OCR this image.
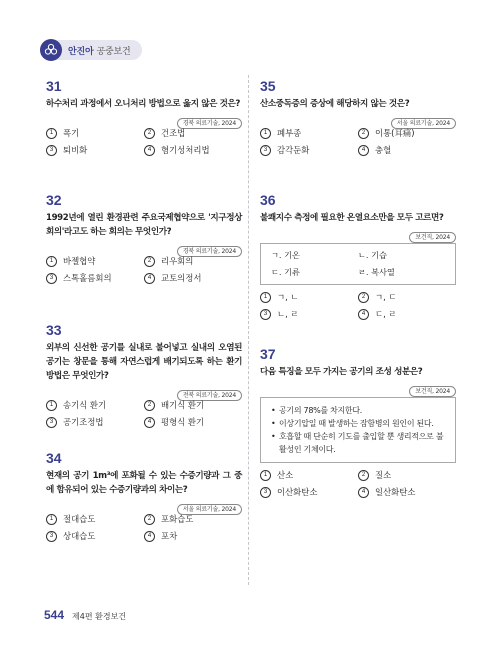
안진아 공중보건
31
하수처리 과정에서 오니처리 방법으로 옳지 않은 것은?
경북 의료기술, 2024
1	폭기	2	건조법
3	퇴비화	4	혐기성처리법
32
1992년에 열린 환경관련 주요국제협약으로 '지구정상회의'라고도 하는 회의는 무엇인가?
경북 의료기술, 2024
1	바젤협약	2	리우회의
3	스톡홀름회의	4	교토의정서
33
외부의 신선한 공기를 실내로 불어넣고 실내의 오염된 공기는 창문을 통해 자연스럽게 배기되도록 하는 환기방법은 무엇인가?
전북 의료기술, 2024
1	송기식 환기	2	배기식 환기
3	공기조정법	4	평형식 환기
34
현재의 공기 1m³에 포화될 수 있는 수증기량과 그 중에 함유되어 있는 수증기량과의 차이는?
서울 의료기술, 2024
1	절대습도	2	포화습도
3	상대습도	4	포차
35
산소중독증의 증상에 해당하지 않는 것은?
서울 의료기술, 2024
1	폐부종	2	이통(耳痛)
3	감각둔화	4	충혈
36
불쾌지수 측정에 필요한 온열요소만을 모두 고르면?
보건직, 2024
ㄱ. 기온	ㄴ. 기습
ㄷ. 기류	ㄹ. 복사열
1	ㄱ, ㄴ	2	ㄱ, ㄷ
3	ㄴ, ㄹ	4	ㄷ, ㄹ
37
다음 특징을 모두 가지는 공기의 조성 성분은?
보건직, 2024
• 공기의 78%를 차지한다.
• 이상기압일 때 발생하는 잠함병의 원인이 된다.
• 호흡할 때 단순히 기도를 출입할 뿐 생리적으로 불활성인 기체이다.
1	산소	2	질소
3	이산화탄소	4	일산화탄소
544 제4편 환경보건
